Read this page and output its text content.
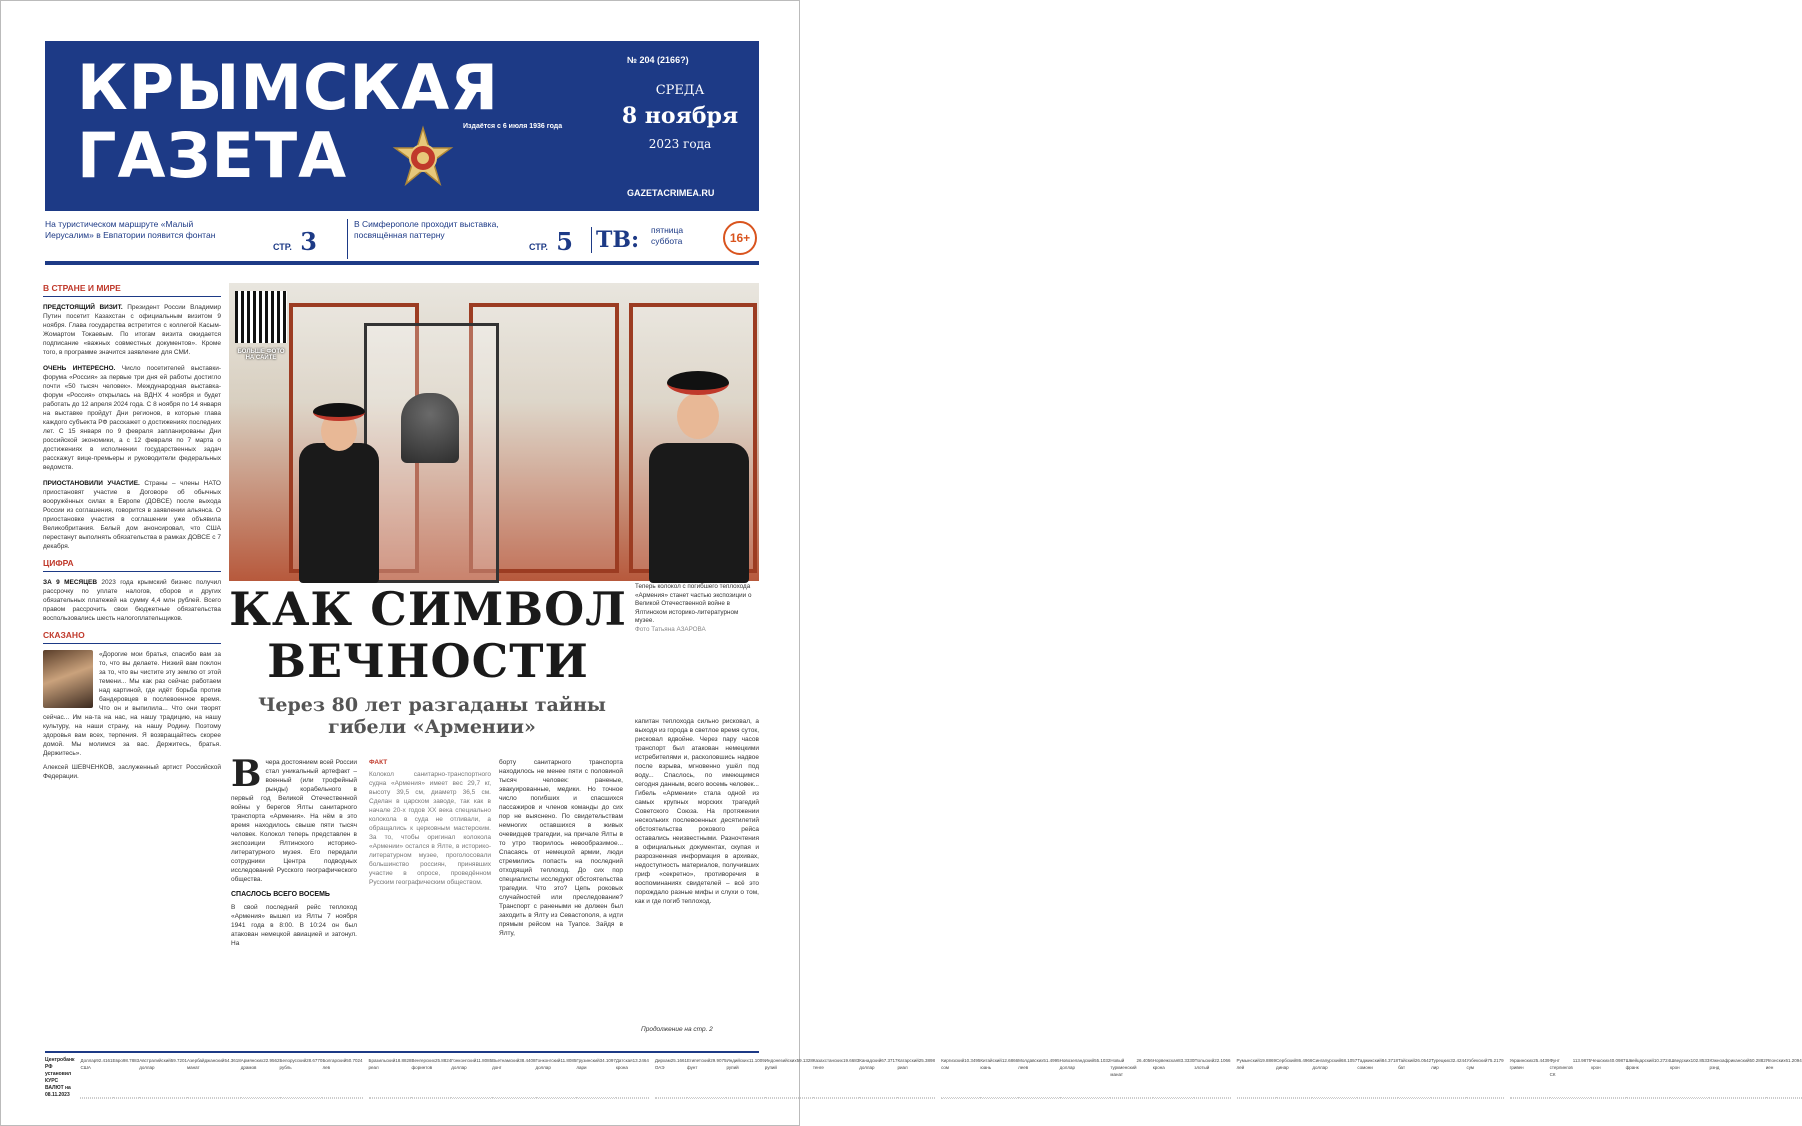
КРЫМСКАЯ
ГАЗЕТА	Издаётся с 6 июля 1936 года
№ 204 (2166?)
СРЕДА
8 ноября
2023 года
GAZETACRIMEA.RU
На туристическом маршруте «Малый Иерусалим» в Евпатории появится фонтан
СТР. 3
В Симферополе проходит выставка, посвящённая паттерну
СТР. 5 ТВ: пятница
суббота	16+
В СТРАНЕ И МИРЕ

ПРЕДСТОЯЩИЙ ВИЗИТ. Президент России Владимир Путин посетит Казахстан с официальным визитом 9 ноября. Глава государства встретится с коллегой Касым-Жомартом Токаевым. По итогам визита ожидается подписание «важных совместных документов». Кроме того, в программе значится заявление для СМИ.

ОЧЕНЬ ИНТЕРЕСНО. Число посетителей выставки-форума «Россия» за первые три дня ей работы достигло почти «50 тысяч человек». Международная выставка-форум «Россия» открылась на ВДНХ 4 ноября и будет работать до 12 апреля 2024 года. С 8 ноября по 14 января на выставке пройдут Дни регионов, в которые глава каждого субъекта РФ расскажет о достижениях последних лет. С 15 января по 9 февраля запланированы Дни российской экономики, а с 12 февраля по 7 марта о достижениях в исполнении государственных задач расскажут вице-премьеры и руководители федеральных ведомств.

ПРИОСТАНОВИЛИ УЧАСТИЕ. Страны – члены НАТО приостановят участие в Договоре об обычных вооружённых силах в Европе (ДОВСЕ) после выхода России из соглашения, говорится в заявлении альянса. О приостановке участия в соглашении уже объявила Великобритания. Белый дом анонсировал, что США перестанут выполнять обязательства в рамках ДОВСЕ с 7 декабря.

ЦИФРА

ЗА 9 МЕСЯЦЕВ 2023 года крымский бизнес получил рассрочку по уплате налогов, сборов и других обязательных платежей на сумму 4,4 млн рублей. Всего правом рассрочить свои бюджетные обязательства воспользовались шесть налогоплательщиков.

СКАЗАНО

«Дорогие мои братья, спасибо вам за то, что вы делаете. Низкий вам поклон за то, что вы чистите эту землю от этой темени... Мы как раз сейчас работаем над картиной, где идёт борьба против бандеровцев в послевоенное время. Что он и выпилила... Что они творят сейчас... Им на-та на нас, на нашу традицию, на нашу культуру, на наши страну, на нашу Родину. Поэтому здоровья вам всех, терпения. Я возвращайтесь скорее домой. Мы молимся за вас. Держитесь, братья. Держитесь».

Алексей ШЕВЧЕНКОВ, заслуженный артист Российской Федерации.

БОЛЬШЕ ФОТО НА САЙТЕ
КАК СИМВОЛ ВЕЧНОСТИ
Через 80 лет разгаданы тайны гибели «Армении»
Теперь колокол с погибшего теплохода «Армения» станет частью экспозиции о Великой Отечественной войне в Ялтинском историко-литературном музее.
Фото Татьяна АЗАРОВА
Вчера достоянием всей России стал уникальный артефакт – военный (или трофейный рынды) корабельного в первый год Великой Отечественной войны у берегов Ялты санитарного транспорта «Армения». На нём в это время находилось свыше пяти тысяч человек. Колокол теперь представлен в экспозиции Ялтинского историко-литературного музея. Его передали сотрудники Центра подводных исследований Русского географического общества.
СПАСЛОСЬ ВСЕГО ВОСЕМЬ
В свой последний рейс теплоход «Армения» вышел из Ялты 7 ноября 1941 года в 8:00. В 10:24 он был атакован немецкой авиацией и затонул. На
ФАКТ
Колокол санитарно-транспортного судна «Армения» имеет вес 29,7 кг, высоту 39,5 см, диаметр 36,5 см. Сделан в царском заводе, так как в начале 20-х годов XX века специально колокола в суда не отливали, а обращались к церковным мастерским. За то, чтобы оригинал колокола «Армении» остался в Ялте, в историко-литературном музее, проголосовали большинство россиян, принявших участие в опросе, проведённом Русским географическим обществом.
борту санитарного транспорта находилось не менее пяти с половиной тысяч человек: раненые, эвакуированные, медики. Но точное число погибших и спасшихся пассажиров и членов команды до сих пор не выяснено. По свидетельствам немногих оставшихся в живых очевидцев трагедии, на причале Ялты в то утро творилось невообразимое... Спасаясь от немецкой армии, люди стремились попасть на последний отходящий теплоход. До сих пор специалисты исследуют обстоятельства трагедии. Что это? Цепь роковых случайностей или преследование? Транспорт с ранеными не должен был заходить в Ялту из Севастополя, а идти прямым рейсом на Туапсе. Зайдя в Ялту,
капитан теплохода сильно рисковал, а выходя из города в светлое время суток, рисковал вдвойне. Через пару часов транспорт был атакован немецкими истребителями и, расколовшись надвое после взрыва, мгновенно ушёл под воду... Спаслось, по имеющимся сегодня данным, всего восемь человек... Гибель «Армении» стала одной из самых крупных морских трагедий Советского Союза. На протяжении нескольких послевоенных десятилетий обстоятельства рокового рейса оставались неизвестными. Разночтения в официальных документах, скупая и разрозненная информация в архивах, недоступность материалов, получивших гриф «секретно», противоречия в воспоминаниях свидетелей – всё это порождало разные мифы и слухи о том, как и где погиб теплоход.
Продолжение на стр. 2
Центробанк РФ установил КУРС ВАЛЮТ на 08.11.2023
Доллар США
92.4161 Евро 98.7883 Австралийский доллар
59.7201 Азербайджанский манат
54.3618 Армянских драмов
22.9562 Белорусский рубль
28.6770 Болгарский лев
50.7024 Бразильский реал
18.8828 Венгерских форинтов
25.8824 Гонконгский доллар
11.8085 Вьетнамский донг
38.4408 Гонконгский доллар
11.8085 Грузинский лари
34.1097 Датская крона
13.2464 Дирхам ОАЭ
25.1661 Египетский фунт
29.9075 Индийских рупий
11.1009 Индонезийских рупий
59.1328 Казахстанских тенге
19.6683 Канадский доллар
67.3717 Катарский риал
25.3898 Киргизский сом
10.3495 Китайский юань
12.6866 Молдавских леев
51.4995 Новозеландский доллар
55.1032 Новый туркменский манат
26.4056 Норвежская крона
83.3330 Польский злотый
22.1066 Румынский лей
19.8869 Сербский динар
86.4966 Сингапурский доллар
68.1057 Таджикский сомони
84.3718 Тайский бат
26.0542 Турецких лир
32.4244 Узбекский сум
75.2179 Украинских гривен
25.4439 Фунт стерлингов СК
113.9875 Чешских крон
40.0987 Швейцарский франк
10.2724 Шведских крон
102.8533 Южноафриканский рэнд
50.2882 Японских иен
61.2094
